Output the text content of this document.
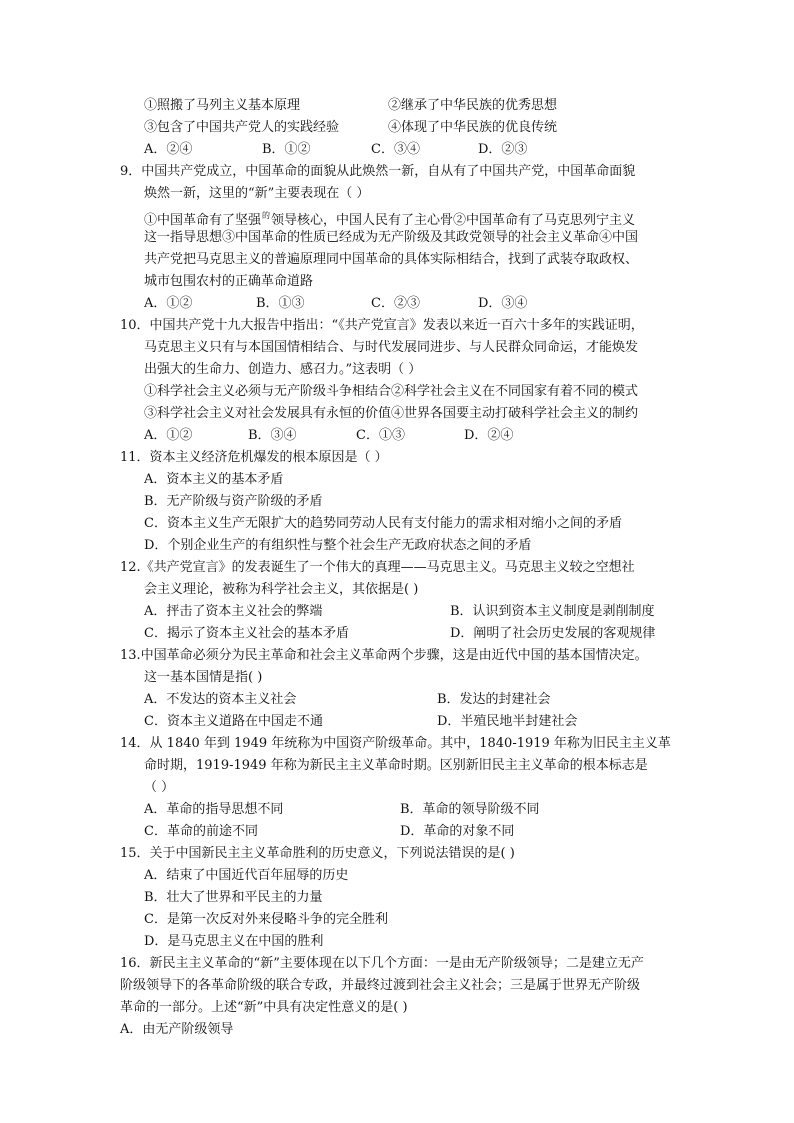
①照搬了马列主义基本原理	②继承了中华民族的优秀思想
③包含了中国共产党人的实践经验	④体现了中华民族的优良传统
A．②④	B．①②	C．③④	D．②③
9．中国共产党成立，中国革命的面貌从此焕然一新，自从有了中国共产党，中国革命面貌
焕然一新，这里的“新”主要表现在（ ）
①中国革命有了坚强$^的$领导核心，中国人民有了主心骨②中国革命有了马克思列宁主义
这一指导思想③中国革命的性质已经成为无产阶级及其政党领导的社会主义革命④中国
共产党把马克思主义的普遍原理同中国革命的具体实际相结合，找到了武装夺取政权、
城市包围农村的正确革命道路
A．①②	B．①③	C．②③	D．③④
10．中国共产党十九大报告中指出：“《共产党宣言》发表以来近一百六十多年的实践证明，
马克思主义只有与本国国情相结合、与时代发展同进步、与人民群众同命运，才能焕发
出强大的生命力、创造力、感召力。”这表明（ ）
①科学社会主义必须与无产阶级斗争相结合②科学社会主义在不同国家有着不同的模式
③科学社会主义对社会发展具有永恒的价值④世界各国要主动打破科学社会主义的制约
A．①②	B．③④	C．①③	D．②④
11．资本主义经济危机爆发的根本原因是（ ）
A．资本主义的基本矛盾
B．无产阶级与资产阶级的矛盾
C．资本主义生产无限扩大的趋势同劳动人民有支付能力的需求相对缩小之间的矛盾
D．个别企业生产的有组织性与整个社会生产无政府状态之间的矛盾
12.《共产党宣言》的发表诞生了一个伟大的真理——马克思主义。马克思主义较之空想社
会主义理论，被称为科学社会主义，其依据是( )
A．抨击了资本主义社会的弊端	B．认识到资本主义制度是剥削制度
C．揭示了资本主义社会的基本矛盾	D．阐明了社会历史发展的客观规律
13.中国革命必须分为民主革命和社会主义革命两个步骤，这是由近代中国的基本国情决定。
这一基本国情是指( )
A．不发达的资本主义社会	B．发达的封建社会
C．资本主义道路在中国走不通	D．半殖民地半封建社会
14．从 1840 年到 1949 年统称为中国资产阶级革命。其中，1840-1919 年称为旧民主主义革
命时期，1919-1949 年称为新民主主义革命时期。区别新旧民主主义革命的根本标志是
（ ）
A．革命的指导思想不同	B．革命的领导阶级不同
C．革命的前途不同	D．革命的对象不同
15．关于中国新民主主义革命胜利的历史意义，下列说法错误的是( )
A．结束了中国近代百年屈辱的历史
B．壮大了世界和平民主的力量
C．是第一次反对外来侵略斗争的完全胜利
D．是马克思主义在中国的胜利
16．新民主主义革命的“新”主要体现在以下几个方面：一是由无产阶级领导；二是建立无产
阶级领导下的各革命阶级的联合专政，并最终过渡到社会主义社会；三是属于世界无产阶级
革命的一部分。上述“新”中具有决定性意义的是( )
A．由无产阶级领导
